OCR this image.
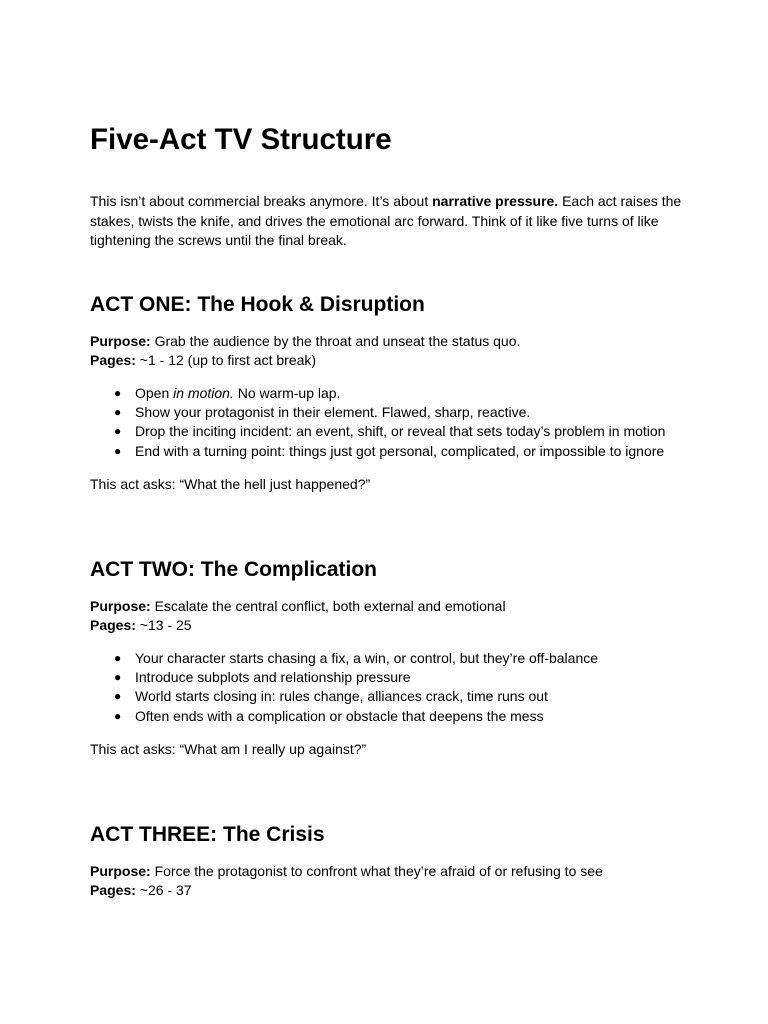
Five-Act TV Structure

This isn’t about commercial breaks anymore. It’s about narrative pressure. Each act raises the stakes, twists the knife, and drives the emotional arc forward. Think of it like five turns of like tightening the screws until the final break.

ACT ONE: The Hook & Disruption

Purpose: Grab the audience by the throat and unseat the status quo.
Pages: ~1 - 12 (up to first act break)

● Open in motion. No warm-up lap.
● Show your protagonist in their element. Flawed, sharp, reactive.
● Drop the inciting incident: an event, shift, or reveal that sets today’s problem in motion
● End with a turning point: things just got personal, complicated, or impossible to ignore

This act asks: “What the hell just happened?”

ACT TWO: The Complication

Purpose: Escalate the central conflict, both external and emotional
Pages: ~13 - 25

● Your character starts chasing a fix, a win, or control, but they’re off-balance
● Introduce subplots and relationship pressure
● World starts closing in: rules change, alliances crack, time runs out
● Often ends with a complication or obstacle that deepens the mess

This act asks: “What am I really up against?”

ACT THREE: The Crisis

Purpose: Force the protagonist to confront what they’re afraid of or refusing to see
Pages: ~26 - 37
